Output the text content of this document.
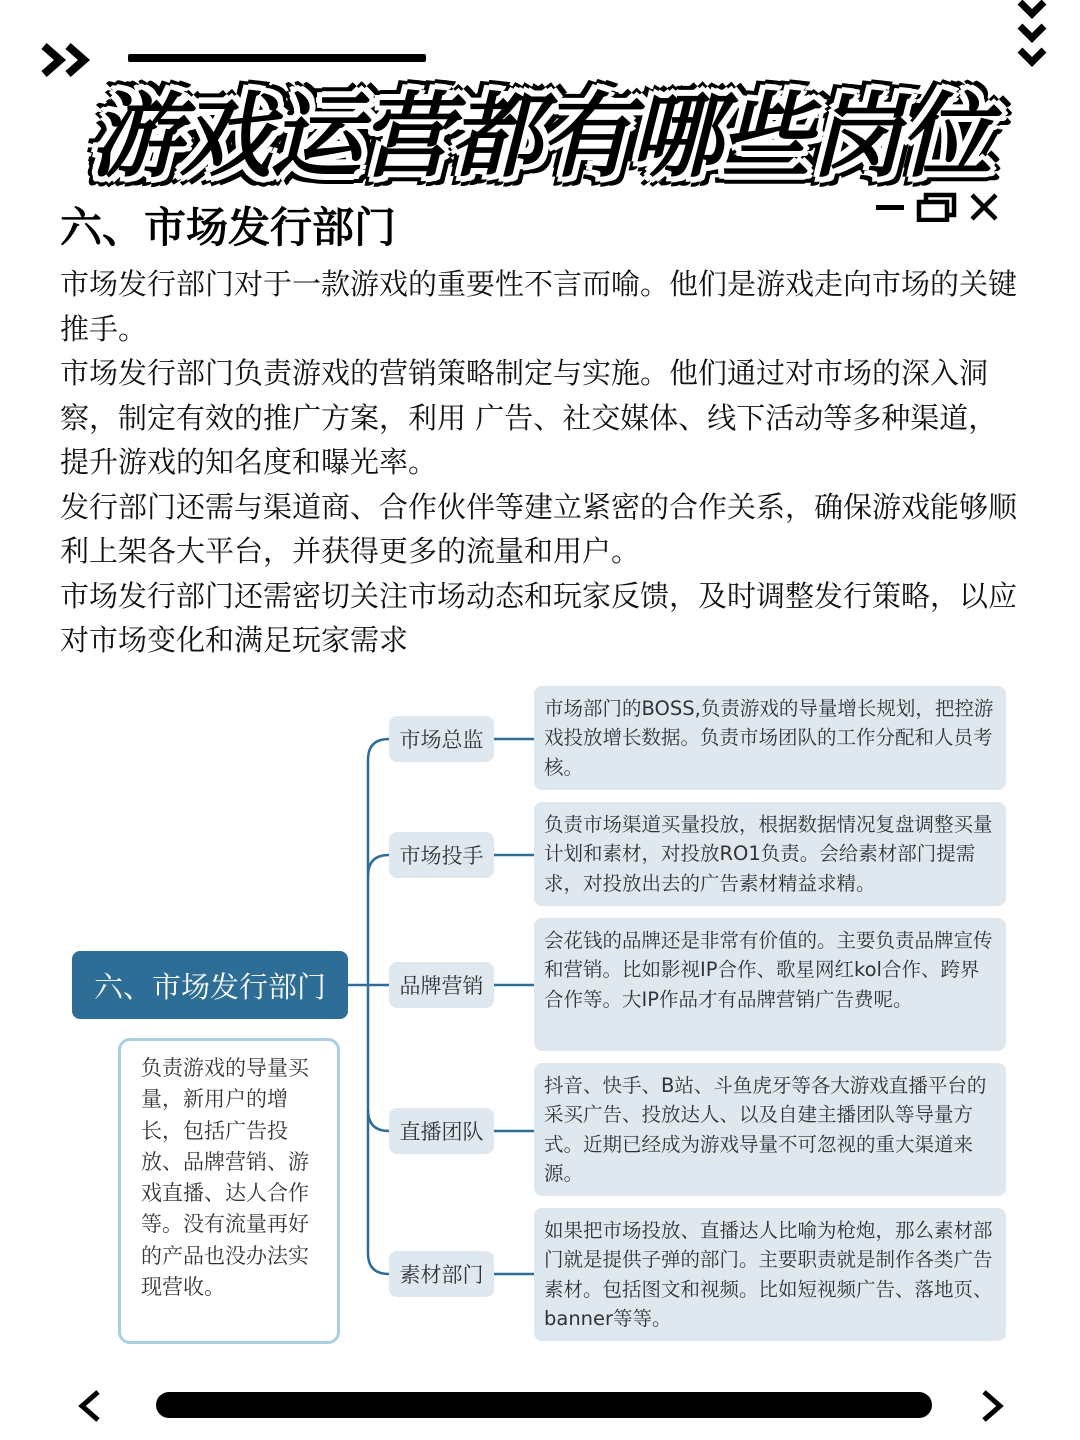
游戏运营都有哪些岗位
六、市场发行部门

市场发行部门对于一款游戏的重要性不言而喻。他们是游戏走向市场的关键推手。

市场发行部门负责游戏的营销策略制定与实施。他们通过对市场的深入洞察，制定有效的推广方案，利用 广告、社交媒体、线下活动等多种渠道，提升游戏的知名度和曝光率。

发行部门还需与渠道商、合作伙伴等建立紧密的合作关系，确保游戏能够顺利上架各大平台，并获得更多的流量和用户。

市场发行部门还需密切关注市场动态和玩家反馈，及时调整发行策略，以应对市场变化和满足玩家需求

六、市场发行部门
负责游戏的导量买量，新用户的增长，包括广告投放、品牌营销、游戏直播、达人合作等。没有流量再好的产品也没办法实现营收。
市场总监
市场投手
品牌营销
直播团队
素材部门
市场部门的BOSS,负责游戏的导量增长规划，把控游戏投放增长数据。负责市场团队的工作分配和人员考核。
负责市场渠道买量投放，根据数据情况复盘调整买量计划和素材，对投放RO1负责。会给素材部门提需求，对投放出去的广告素材精益求精。
会花钱的品牌还是非常有价值的。主要负责品牌宣传和营销。比如影视IP合作、歌星网红kol合作、跨界合作等。大IP作品才有品牌营销广告费呢。
抖音、快手、B站、斗鱼虎牙等各大游戏直播平台的采买广告、投放达人、以及自建主播团队等导量方式。近期已经成为游戏导量不可忽视的重大渠道来源。
如果把市场投放、直播达人比喻为枪炮，那么素材部门就是提供子弹的部门。主要职责就是制作各类广告素材。包括图文和视频。比如短视频广告、落地页、banner等等。
